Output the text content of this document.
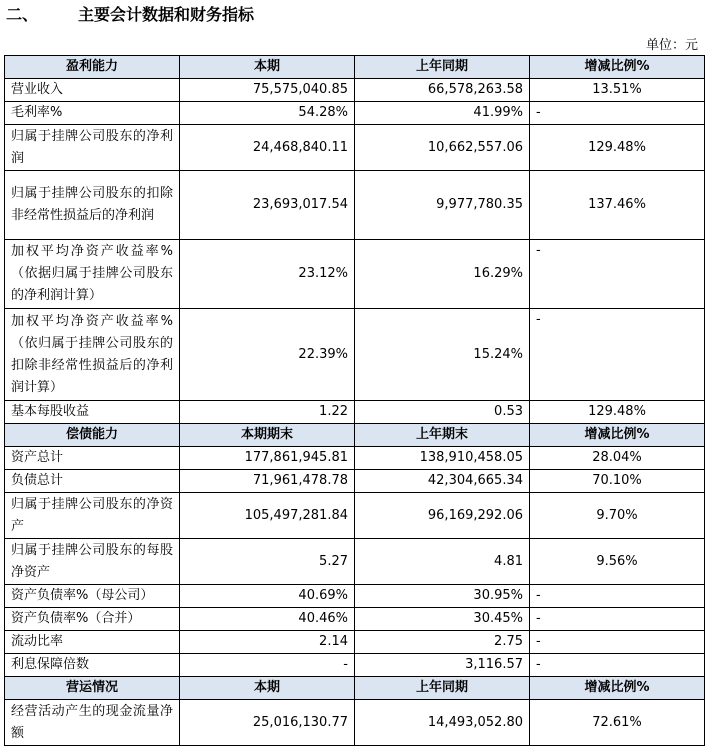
二、	主要会计数据和财务指标
单位：元
盈利能力	本期	上年同期	增减比例%
营业收入	75,575,040.85	66,578,263.58	13.51%
毛利率%	54.28%	41.99%	-
归属于挂牌公司股东的净利润	24,468,840.11	10,662,557.06	129.48%
归属于挂牌公司股东的扣除非经常性损益后的净利润	23,693,017.54	9,977,780.35	137.46%
加权平均净资产收益率%（依据归属于挂牌公司股东的净利润计算）	23.12%	16.29%	-
加权平均净资产收益率%（依归属于挂牌公司股东的扣除非经常性损益后的净利润计算）	22.39%	15.24%	-
基本每股收益	1.22	0.53	129.48%
偿债能力	本期期末	上年期末	增减比例%
资产总计	177,861,945.81	138,910,458.05	28.04%
负债总计	71,961,478.78	42,304,665.34	70.10%
归属于挂牌公司股东的净资产	105,497,281.84	96,169,292.06	9.70%
归属于挂牌公司股东的每股净资产	5.27	4.81	9.56%
资产负债率%（母公司）	40.69%	30.95%	-
资产负债率%（合并）	40.46%	30.45%	-
流动比率	2.14	2.75	-
利息保障倍数	-	3,116.57	-
营运情况	本期	上年同期	增减比例%
经营活动产生的现金流量净额	25,016,130.77	14,493,052.80	72.61%
